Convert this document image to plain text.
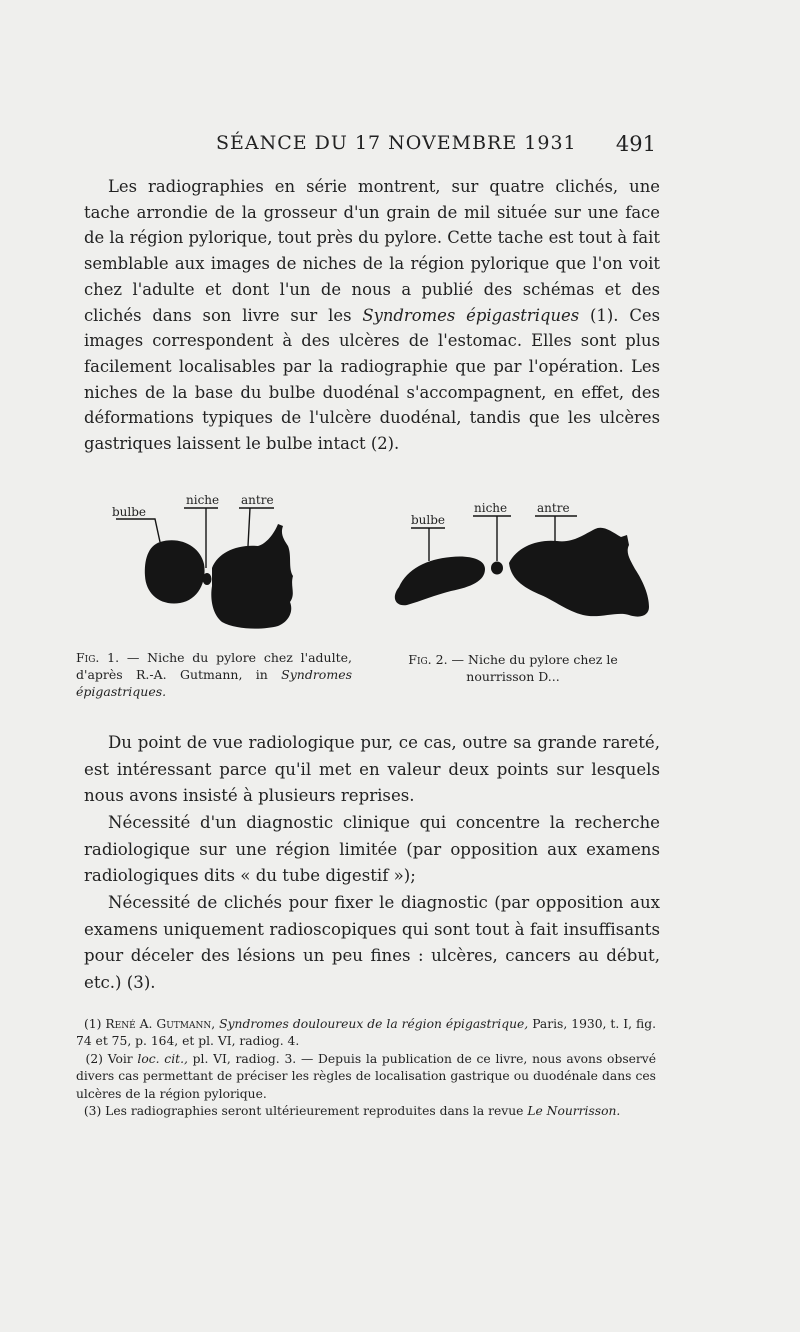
SÉANCE DU 17 NOVEMBRE 1931 491

Les radiographies en série montrent, sur quatre clichés, une tache arrondie de la grosseur d'un grain de mil située sur une face de la région pylorique, tout près du pylore. Cette tache est tout à fait semblable aux images de niches de la région pylorique que l'on voit chez l'adulte et dont l'un de nous a publié des schémas et des clichés dans son livre sur les Syndromes épigastriques (1). Ces images correspondent à des ulcères de l'estomac. Elles sont plus facilement localisables par la radiographie que par l'opération. Les niches de la base du bulbe duodénal s'accompagnent, en effet, des déformations typiques de l'ulcère duodénal, tandis que les ulcères gastriques laissent le bulbe intact (2).

bulbe
niche antre
bulbe
niche antre

Fig. 1. — Niche du pylore chez l'adulte, d'après R.-A. Gutmann, in Syndromes épigastriques.

Fig. 2. — Niche du pylore chez le nourrisson D...

Du point de vue radiologique pur, ce cas, outre sa grande rareté, est intéressant parce qu'il met en valeur deux points sur lesquels nous avons insisté à plusieurs reprises.

Nécessité d'un diagnostic clinique qui concentre la recherche radiologique sur une région limitée (par opposition aux examens radiologiques dits « du tube digestif »);

Nécessité de clichés pour fixer le diagnostic (par opposition aux examens uniquement radioscopiques qui sont tout à fait insuffisants pour déceler des lésions un peu fines : ulcères, cancers au début, etc.) (3).

(1) René A. Gutmann, Syndromes douloureux de la région épigastrique, Paris, 1930, t. I, fig. 74 et 75, p. 164, et pl. VI, radiog. 4.

(2) Voir loc. cit., pl. VI, radiog. 3. — Depuis la publication de ce livre, nous avons observé divers cas permettant de préciser les règles de localisation gastrique ou duodénale dans ces ulcères de la région pylorique.

(3) Les radiographies seront ultérieurement reproduites dans la revue Le Nourrisson.
